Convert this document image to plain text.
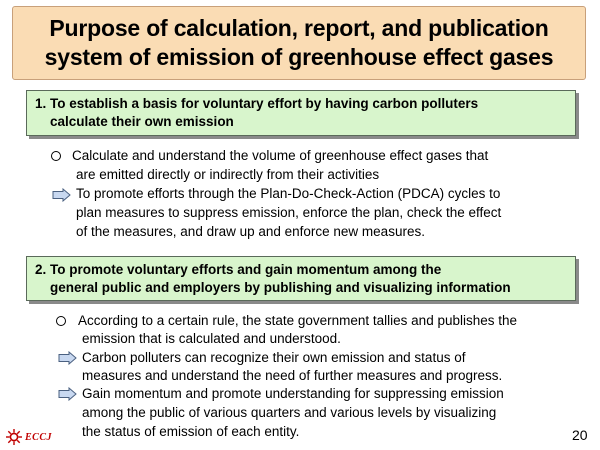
Purpose of calculation, report, and publication
system of emission of greenhouse effect gases
1. To establish a basis for voluntary effort by having carbon polluters
calculate their own emission
Calculate and understand the volume of greenhouse effect gases that
are emitted directly or indirectly from their activities
To promote efforts through the Plan-Do-Check-Action (PDCA) cycles to
plan measures to suppress emission, enforce the plan, check the effect
of the measures, and draw up and enforce new measures.
2. To promote voluntary efforts and gain momentum among the
general public and employers by publishing and visualizing information
According to a certain rule, the state government tallies and publishes the
emission that is calculated and understood.
Carbon polluters can recognize their own emission and status of
measures and understand the need of further measures and progress.
Gain momentum and promote understanding for suppressing emission
among the public of various quarters and various levels by visualizing
the status of emission of each entity.
ECCJ	20
